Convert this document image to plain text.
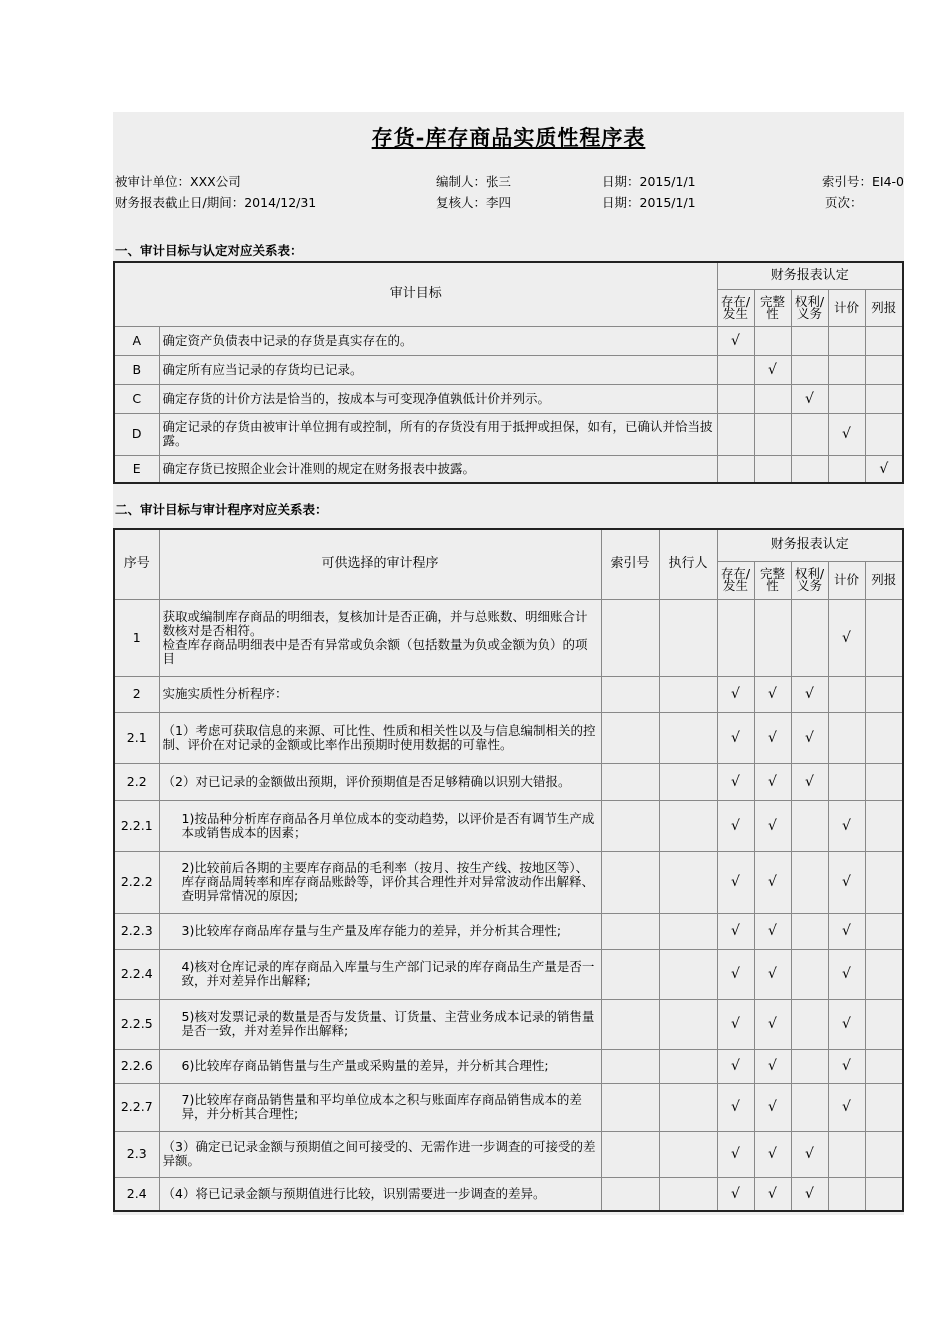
存货-库存商品实质性程序表
被审计单位：XXX公司	编制人：张三	日期：2015/1/1	索引号：EI4-0
财务报表截止日/期间：2014/12/31	复核人：李四	日期：2015/1/1	页次：
一、审计目标与认定对应关系表：
审计目标		财务报表认定				
		存在/发生	完整性	权利/义务	计价	列报
A	确定资产负债表中记录的存货是真实存在的。	√				
B	确定所有应当记录的存货均已记录。		√			
C	确定存货的计价方法是恰当的，按成本与可变现净值孰低计价并列示。			√		
D	确定记录的存货由被审计单位拥有或控制，所有的存货没有用于抵押或担保，如有，已确认并恰当披露。				√	
E	确定存货已按照企业会计准则的规定在财务报表中披露。					√
二、审计目标与审计程序对应关系表：
序号	可供选择的审计程序	索引号	执行人	财务报表认定				
				存在/发生	完整性	权利/义务	计价	列报
1	获取或编制库存商品的明细表，复核加计是否正确，并与总账数、明细账合计数核对是否相符。
检查库存商品明细表中是否有异常或负余额（包括数量为负或金额为负）的项目						√	
2	实施实质性分析程序：			√	√	√		
2.1	（1）考虑可获取信息的来源、可比性、性质和相关性以及与信息编制相关的控制、评价在对记录的金额或比率作出预期时使用数据的可靠性。			√	√	√		
2.2	（2）对已记录的金额做出预期，评价预期值是否足够精确以识别大错报。			√	√	√		
2.2.1	1)按品种分析库存商品各月单位成本的变动趋势，以评价是否有调节生产成本或销售成本的因素；			√	√		√	
2.2.2	2)比较前后各期的主要库存商品的毛利率（按月、按生产线、按地区等）、库存商品周转率和库存商品账龄等，评价其合理性并对异常波动作出解释、查明异常情况的原因;			√	√		√	
2.2.3	3)比较库存商品库存量与生产量及库存能力的差异，并分析其合理性;			√	√		√	
2.2.4	4)核对仓库记录的库存商品入库量与生产部门记录的库存商品生产量是否一致，并对差异作出解释;			√	√		√	
2.2.5	5)核对发票记录的数量是否与发货量、订货量、主营业务成本记录的销售量是否一致，并对差异作出解释;			√	√		√	
2.2.6	6)比较库存商品销售量与生产量或采购量的差异，并分析其合理性;			√	√		√	
2.2.7	7)比较库存商品销售量和平均单位成本之积与账面库存商品销售成本的差异，并分析其合理性;			√	√		√	
2.3	（3）确定已记录金额与预期值之间可接受的、无需作进一步调查的可接受的差异额。			√	√	√		
2.4	（4）将已记录金额与预期值进行比较，识别需要进一步调查的差异。			√	√	√		
